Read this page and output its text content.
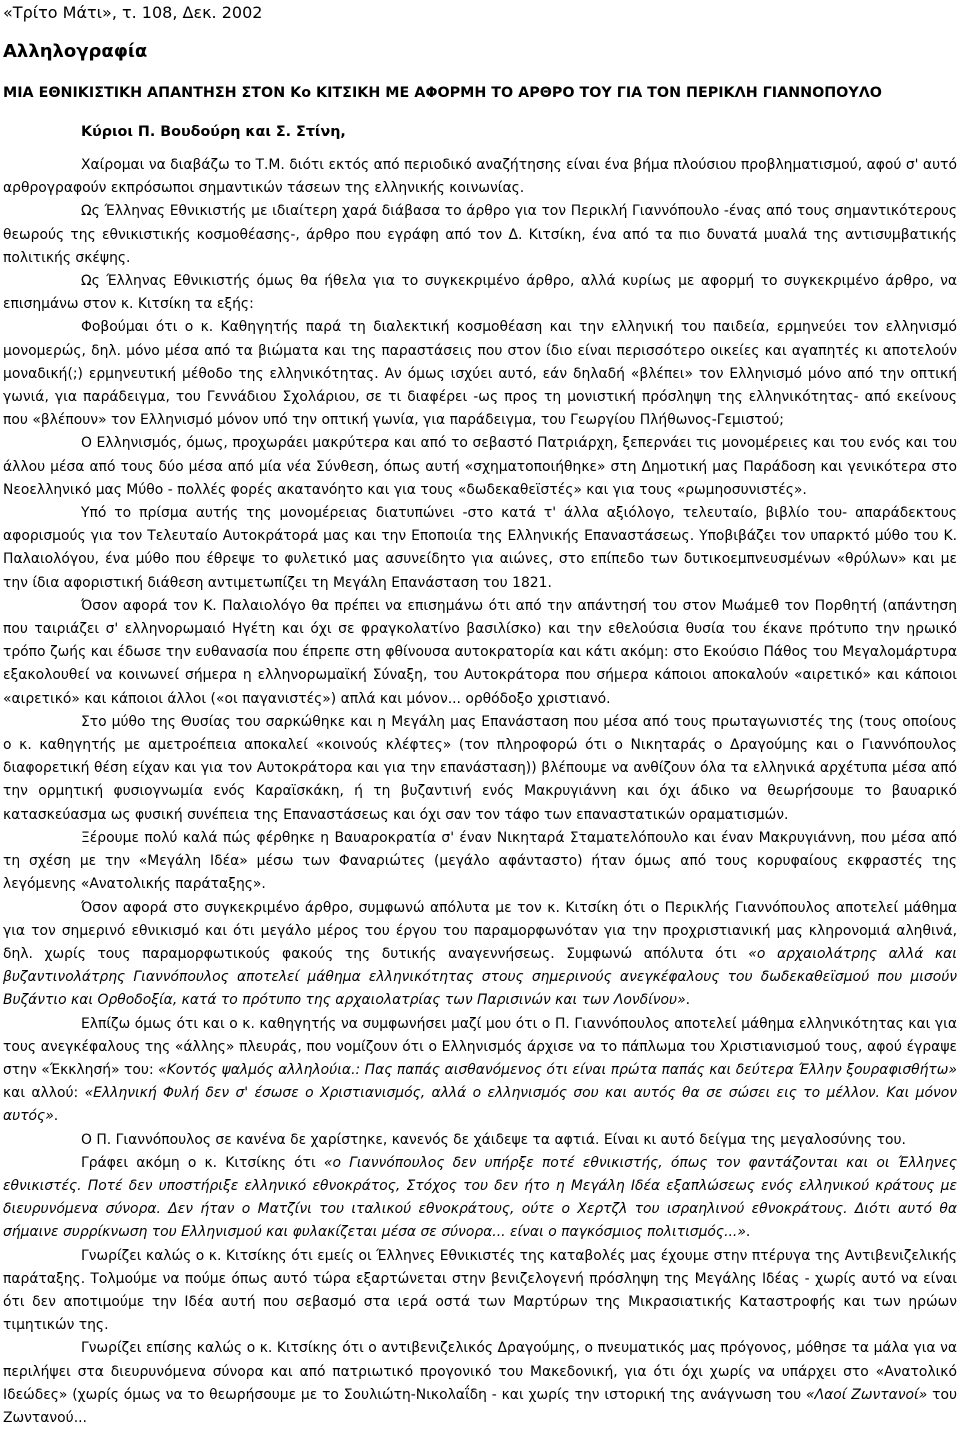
«Τρίτο Μάτι», τ. 108, Δεκ. 2002
Αλληλογραφία
ΜΙΑ ΕΘΝΙΚΙΣΤΙΚΗ ΑΠΑΝΤΗΣΗ ΣΤΟΝ Κο ΚΙΤΣΙΚΗ ΜΕ ΑΦΟΡΜΗ ΤΟ ΑΡΘΡΟ ΤΟΥ ΓΙΑ ΤΟΝ ΠΕΡΙΚΛΗ ΓΙΑΝΝΟΠΟΥΛΟ
Κύριοι Π. Βουδούρη και Σ. Στίνη,

Χαίρομαι να διαβάζω το Τ.Μ. διότι εκτός από περιοδικό αναζήτησης είναι ένα βήμα πλούσιου προβληματισμού, αφού σ' αυτό αρθρογραφούν εκπρόσωποι σημαντικών τάσεων της ελληνικής κοινωνίας.

Ως Έλληνας Εθνικιστής με ιδιαίτερη χαρά διάβασα το άρθρο για τον Περικλή Γιαννόπουλο -ένας από τους σημαντικότερους θεωρούς της εθνικιστικής κοσμοθέασης-, άρθρο που εγράφη από τον Δ. Κιτσίκη, ένα από τα πιο δυνατά μυαλά της αντισυμβατικής πολιτικής σκέψης.

Ως Έλληνας Εθνικιστής όμως θα ήθελα για το συγκεκριμένο άρθρο, αλλά κυρίως με αφορμή το συγκεκριμένο άρθρο, να επισημάνω στον κ. Κιτσίκη τα εξής:

Φοβούμαι ότι ο κ. Καθηγητής παρά τη διαλεκτική κοσμοθέαση και την ελληνική του παιδεία, ερμηνεύει τον ελληνισμό μονομερώς, δηλ. μόνο μέσα από τα βιώματα και της παραστάσεις που στον ίδιο είναι περισσότερο οικείες και αγαπητές κι αποτελούν μοναδική(;) ερμηνευτική μέθοδο της ελληνικότητας. Αν όμως ισχύει αυτό, εάν δηλαδή «βλέπει» τον Ελληνισμό μόνο από την οπτική γωνιά, για παράδειγμα, του Γεννάδιου Σχολάριου, σε τι διαφέρει -ως προς τη μονιστική πρόσληψη της ελληνικότητας- από εκείνους που «βλέπουν» τον Ελληνισμό μόνον υπό την οπτική γωνία, για παράδειγμα, του Γεωργίου Πλήθωνος-Γεμιστού;

Ο Ελληνισμός, όμως, προχωράει μακρύτερα και από το σεβαστό Πατριάρχη, ξεπερνάει τις μονομέρειες και του ενός και του άλλου μέσα από τους δύο μέσα από μία νέα Σύνθεση, όπως αυτή «σχηματοποιήθηκε» στη Δημοτική μας Παράδοση και γενικότερα στο Νεοελληνικό μας Μύθο - πολλές φορές ακατανόητο και για τους «δωδεκαθεϊστές» και για τους «ρωμηοσυνιστές».

Υπό το πρίσμα αυτής της μονομέρειας διατυπώνει -στο κατά τ' άλλα αξιόλογο, τελευταίο, βιβλίο του- απαράδεκτους αφορισμούς για τον Τελευταίο Αυτοκράτορά μας και την Εποποιία της Ελληνικής Επαναστάσεως. Υποβιβάζει τον υπαρκτό μύθο του Κ. Παλαιολόγου, ένα μύθο που έθρεψε το φυλετικό μας ασυνείδητο για αιώνες, στο επίπεδο των δυτικοεμπνευσμένων «θρύλων» και με την ίδια αφοριστική διάθεση αντιμετωπίζει τη Μεγάλη Επανάσταση του 1821.

Όσον αφορά τον Κ. Παλαιολόγο θα πρέπει να επισημάνω ότι από την απάντησή του στον Μωάμεθ τον Πορθητή (απάντηση που ταιριάζει σ' ελληνορωμαιό Ηγέτη και όχι σε φραγκολατίνο βασιλίσκο) και την εθελούσια θυσία του έκανε πρότυπο την ηρωικό τρόπο ζωής και έδωσε την ευθανασία που έπρεπε στη φθίνουσα αυτοκρατορία και κάτι ακόμη: στο Εκούσιο Πάθος του Μεγαλομάρτυρα εξακολουθεί να κοινωνεί σήμερα η ελληνορωμαϊκή Σύναξη, του Αυτοκράτορα που σήμερα κάποιοι αποκαλούν «αιρετικό» και κάποιοι «αιρετικό» και κάποιοι άλλοι («οι παγανιστές») απλά και μόνον... ορθόδοξο χριστιανό.

Στο μύθο της Θυσίας του σαρκώθηκε και η Μεγάλη μας Επανάσταση που μέσα από τους πρωταγωνιστές της (τους οποίους ο κ. καθηγητής με αμετροέπεια αποκαλεί «κοινούς κλέφτες» (τον πληροφορώ ότι ο Νικηταράς ο Δραγούμης και ο Γιαννόπουλος διαφορετική θέση είχαν και για τον Αυτοκράτορα και για την επανάσταση)) βλέπουμε να ανθίζουν όλα τα ελληνικά αρχέτυπα μέσα από την ορμητική φυσιογνωμία ενός Καραϊσκάκη, ή τη βυζαντινή ενός Μακρυγιάννη και όχι άδικο να θεωρήσουμε το βαυαρικό κατασκεύασμα ως φυσική συνέπεια της Επαναστάσεως και όχι σαν τον τάφο των επαναστατικών οραματισμών.

Ξέρουμε πολύ καλά πώς φέρθηκε η Βαυαροκρατία σ' έναν Νικηταρά Σταματελόπουλο και έναν Μακρυγιάννη, που μέσα από τη σχέση με την «Μεγάλη Ιδέα» μέσω των Φαναριώτες (μεγάλο αφάνταστο) ήταν όμως από τους κορυφαίους εκφραστές της λεγόμενης «Ανατολικής παράταξης».

Όσον αφορά στο συγκεκριμένο άρθρο, συμφωνώ απόλυτα με τον κ. Κιτσίκη ότι ο Περικλής Γιαννόπουλος αποτελεί μάθημα για τον σημερινό εθνικισμό και ότι μεγάλο μέρος του έργου του παραμορφωνόταν για την προχριστιανική μας κληρονομιά αληθινά, δηλ. χωρίς τους παραμορφωτικούς φακούς της δυτικής αναγεννήσεως. Συμφωνώ απόλυτα ότι «ο αρχαιολάτρης αλλά και βυζαντινολάτρης Γιαννόπουλος αποτελεί μάθημα ελληνικότητας στους σημερινούς ανεγκέφαλους του δωδεκαθεϊσμού που μισούν Βυζάντιο και Ορθοδοξία, κατά το πρότυπο της αρχαιολατρίας των Παρισινών και των Λονδίνου».

Ελπίζω όμως ότι και ο κ. καθηγητής να συμφωνήσει μαζί μου ότι ο Π. Γιαννόπουλος αποτελεί μάθημα ελληνικότητας και για τους ανεγκέφαλους της «άλλης» πλευράς, που νομίζουν ότι ο Ελληνισμός άρχισε να το πάπλωμα του Χριστιανισμού τους, αφού έγραψε στην «Έκκλησή» του: «Κοντός ψαλμός αλληλούια.: Πας παπάς αισθανόμενος ότι είναι πρώτα παπάς και δεύτερα Έλλην ξουραφισθήτω» και αλλού: «Ελληνική Φυλή δεν σ' έσωσε ο Χριστιανισμός, αλλά ο ελληνισμός σου και αυτός θα σε σώσει εις το μέλλον. Και μόνον αυτός».

Ο Π. Γιαννόπουλος σε κανένα δε χαρίστηκε, κανενός δε χάιδεψε τα αφτιά. Είναι κι αυτό δείγμα της μεγαλοσύνης του.

Γράφει ακόμη ο κ. Κιτσίκης ότι «ο Γιαννόπουλος δεν υπήρξε ποτέ εθνικιστής, όπως τον φαντάζονται και οι Έλληνες εθνικιστές. Ποτέ δεν υποστήριξε ελληνικό εθνοκράτος, Στόχος του δεν ήτο η Μεγάλη Ιδέα εξαπλώσεως ενός ελληνικού κράτους με διευρυνόμενα σύνορα. Δεν ήταν ο Ματζίνι του ιταλικού εθνοκράτους, ούτε ο Χερτζλ του ισραηλινού εθνοκράτους. Διότι αυτό θα σήμαινε συρρίκνωση του Ελληνισμού και φυλακίζεται μέσα σε σύνορα... είναι ο παγκόσμιος πολιτισμός...».

Γνωρίζει καλώς ο κ. Κιτσίκης ότι εμείς οι Έλληνες Εθνικιστές της καταβολές μας έχουμε στην πτέρυγα της Αντιβενιζελικής παράταξης. Τολμούμε να πούμε όπως αυτό τώρα εξαρτώνεται στην βενιζελογενή πρόσληψη της Μεγάλης Ιδέας - χωρίς αυτό να είναι ότι δεν αποτιμούμε την Ιδέα αυτή που σεβασμό στα ιερά οστά των Μαρτύρων της Μικρασιατικής Καταστροφής και των ηρώων τιμητικών της.

Γνωρίζει επίσης καλώς ο κ. Κιτσίκης ότι ο αντιβενιζελικός Δραγούμης, ο πνευματικός μας πρόγονος, μόθησε τα μάλα για να περιλήψει στα διευρυνόμενα σύνορα και από πατριωτικό προγονικό του Μακεδονική, για ότι όχι χωρίς να υπάρχει στο «Ανατολικό Ιδεώδες» (χωρίς όμως να το θεωρήσουμε με το Σουλιώτη-Νικολαΐδη - και χωρίς την ιστορική της ανάγνωση του «Λαοί Ζωντανοί» του Ζωντανού...
